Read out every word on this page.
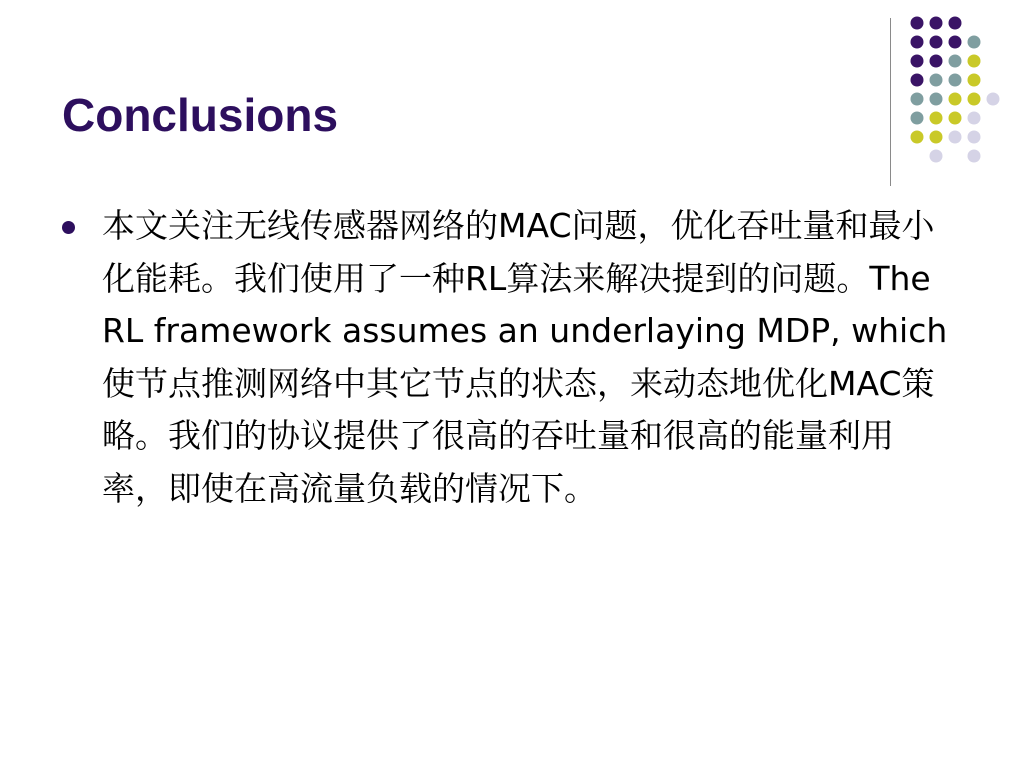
Conclusions
本文关注无线传感器网络的MAC问题，优化吞吐量和最小化能耗。我们使用了一种RL算法来解决提到的问题。The RL framework assumes an underlaying MDP, which使节点推测网络中其它节点的状态，来动态地优化MAC策略。我们的协议提供了很高的吞吐量和很高的能量利用率，即使在高流量负载的情况下。
